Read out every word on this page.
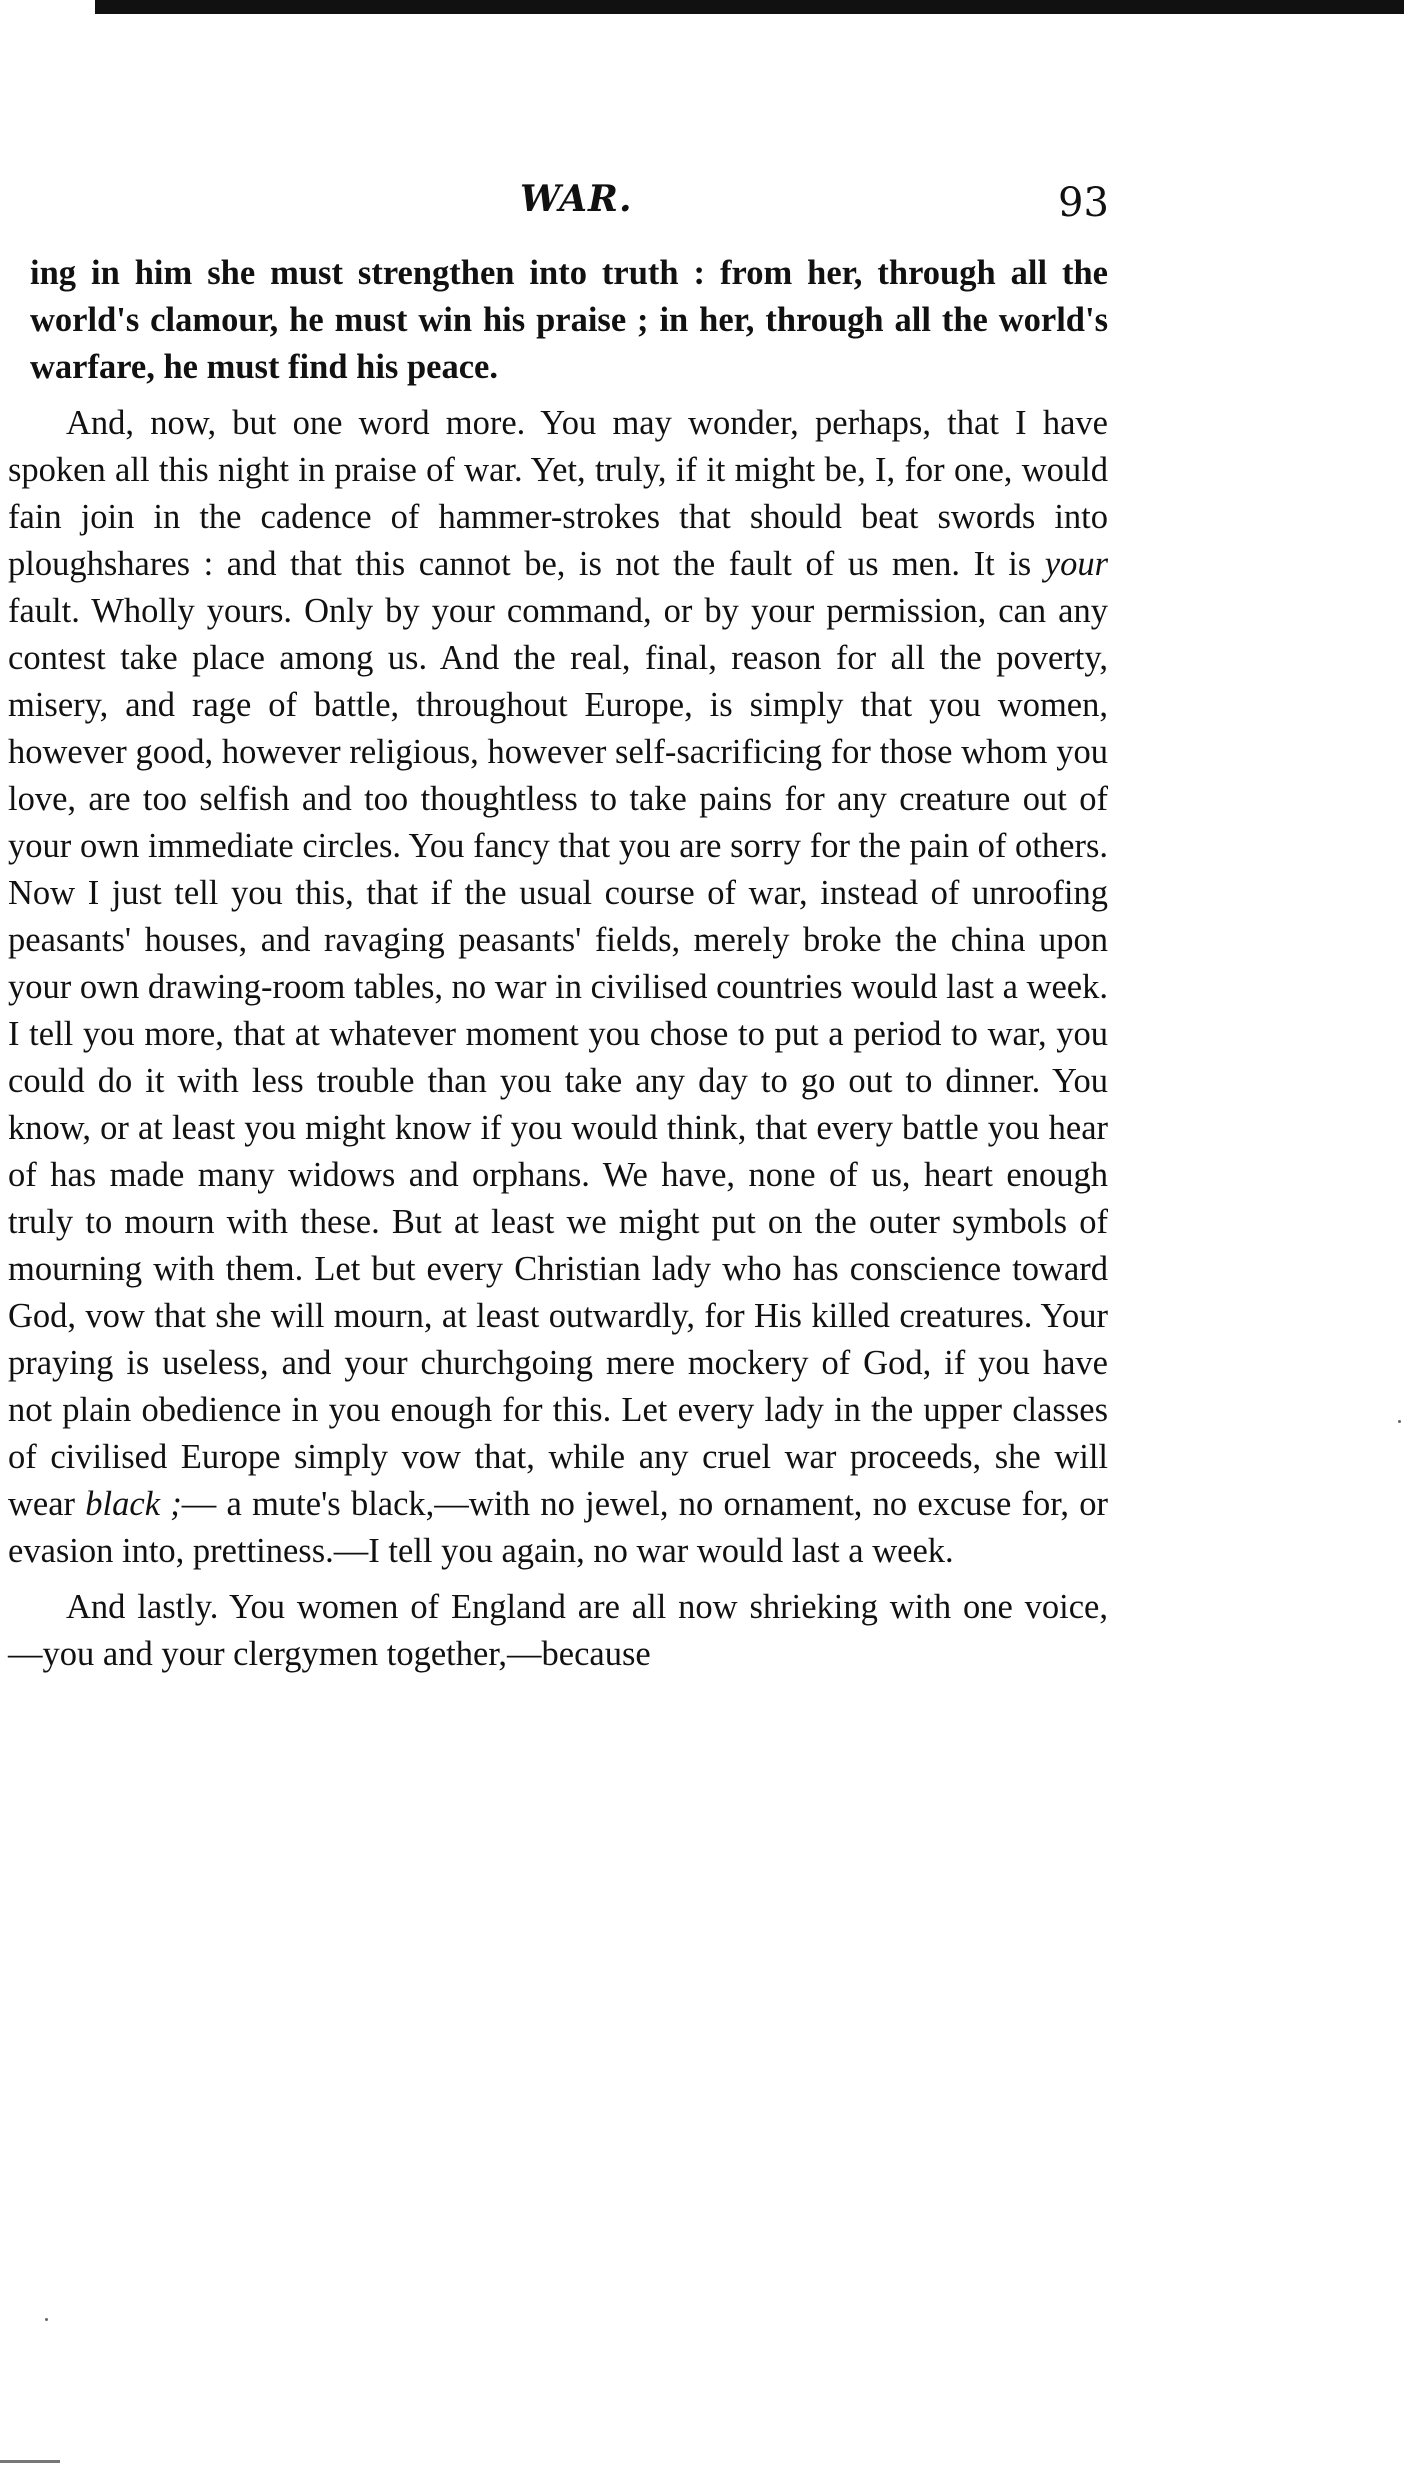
WAR.	93

ing in him she must strengthen into truth : from her, through all the world's clamour, he must win his praise ; in her, through all the world's warfare, he must find his peace.

And, now, but one word more. You may wonder, perhaps, that I have spoken all this night in praise of war. Yet, truly, if it might be, I, for one, would fain join in the cadence of hammer-strokes that should beat swords into ploughshares : and that this cannot be, is not the fault of us men. It is your fault. Wholly yours. Only by your command, or by your permission, can any contest take place among us. And the real, final, reason for all the poverty, misery, and rage of battle, throughout Europe, is simply that you women, however good, however religious, however self-sacrificing for those whom you love, are too selfish and too thoughtless to take pains for any creature out of your own immediate circles. You fancy that you are sorry for the pain of others. Now I just tell you this, that if the usual course of war, instead of unroofing peasants' houses, and ravaging peasants' fields, merely broke the china upon your own drawing-room tables, no war in civilised countries would last a week. I tell you more, that at whatever moment you chose to put a period to war, you could do it with less trouble than you take any day to go out to dinner. You know, or at least you might know if you would think, that every battle you hear of has made many widows and orphans. We have, none of us, heart enough truly to mourn with these. But at least we might put on the outer symbols of mourning with them. Let but every Christian lady who has conscience toward God, vow that she will mourn, at least outwardly, for His killed creatures. Your praying is useless, and your churchgoing mere mockery of God, if you have not plain obedience in you enough for this. Let every lady in the upper classes of civilised Europe simply vow that, while any cruel war proceeds, she will wear black ;— a mute's black,—with no jewel, no ornament, no excuse for, or evasion into, prettiness.—I tell you again, no war would last a week.

And lastly. You women of England are all now shrieking with one voice, —you and your clergymen together,—because
